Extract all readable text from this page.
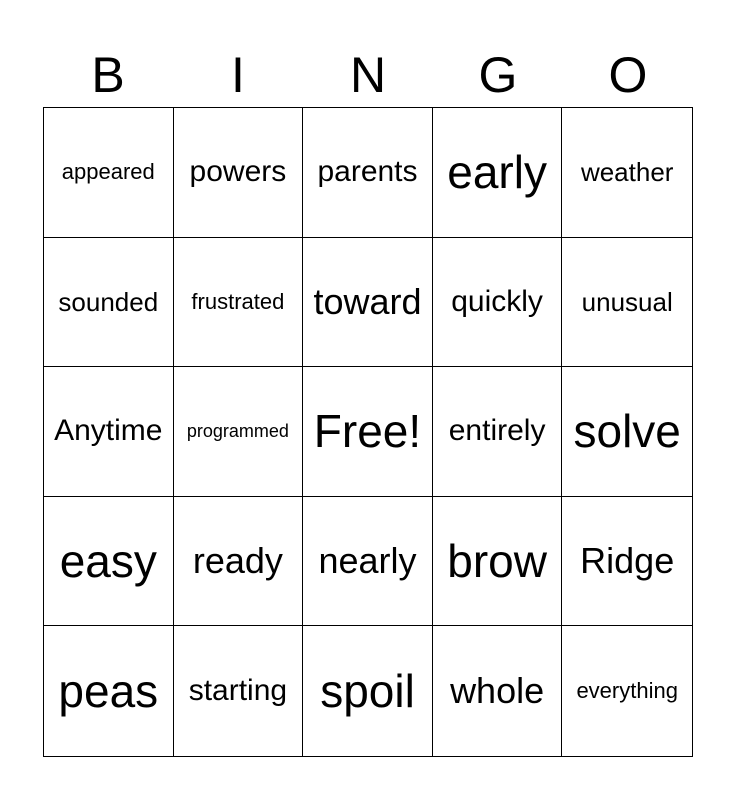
B	I	N	G	O
appeared powers parents early weather
sounded frustrated toward quickly unusual
Anytime programmed Free! entirely solve
easy ready nearly brow Ridge
peas starting spoil whole everything
